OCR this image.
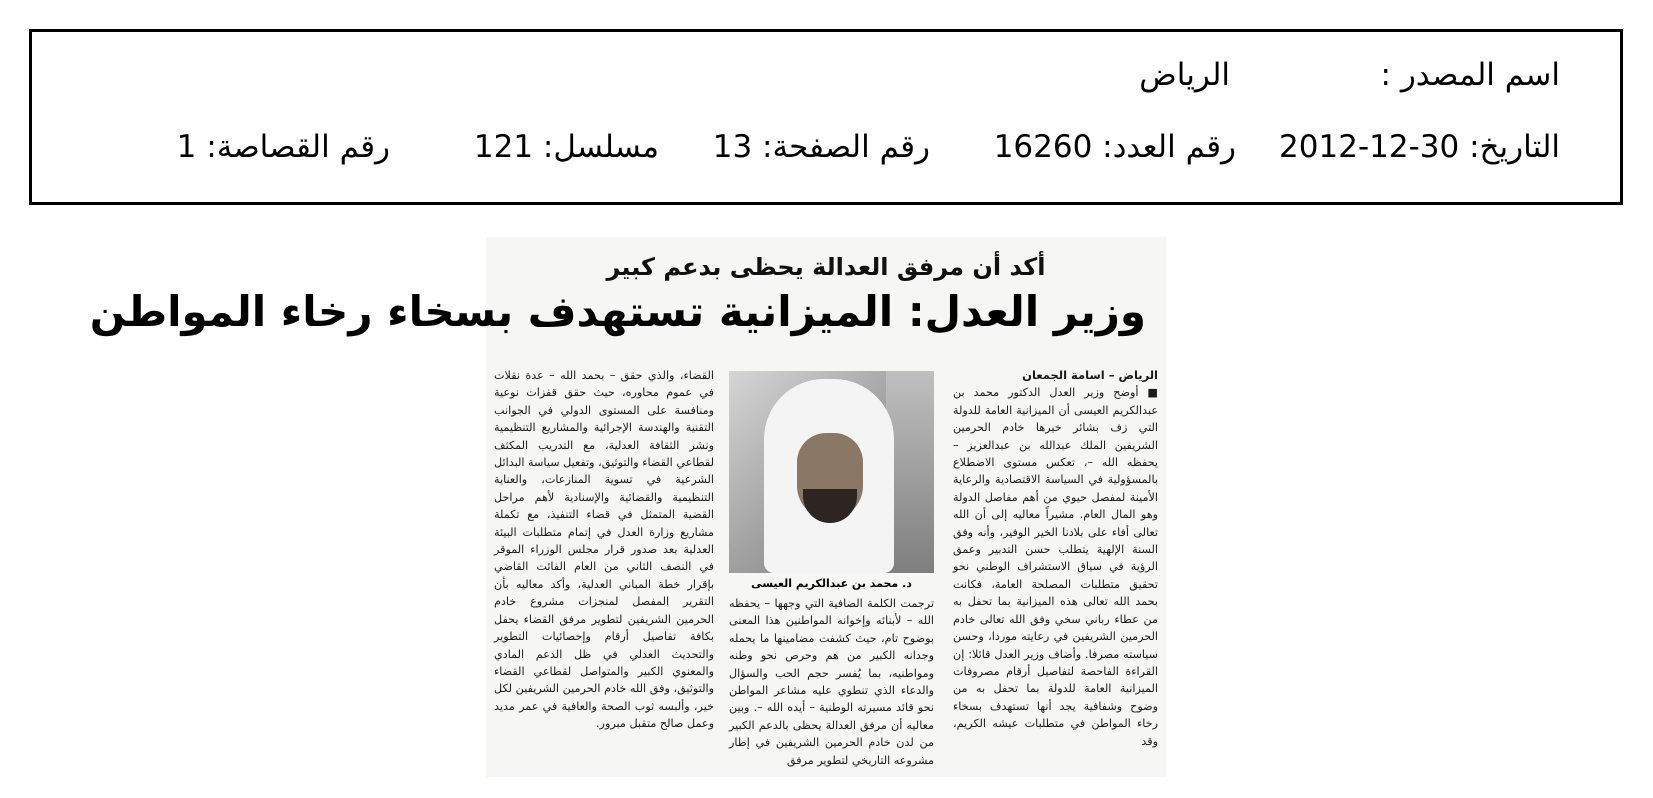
اسم المصدر :
الرياض
التاريخ: 30-12-2012
رقم العدد: 16260
رقم الصفحة: 13
مسلسل: 121
رقم القصاصة: 1
أكد أن مرفق العدالة يحظى بدعم كبير
وزير العدل: الميزانية تستهدف بسخاء رخاء المواطن
الرياض – اسامة الجمعان
■ أوضح وزير العدل الدكتور محمد بن عبدالكريم العيسى أن الميزانية العامة للدولة التي زف بشائر خيرها خادم الحرمين الشريفين الملك عبدالله بن عبدالعزيز – يحفظه الله –، تعكس مستوى الاضطلاع بالمسؤولية في السياسة الاقتصادية والرعاية الأمينة لمفصل حيوي من أهم مفاصل الدولة وهو المال العام. مشيراً معاليه إلى أن الله تعالى أفاء على بلادنا الخير الوفير، وأنه وفق السنة الإلهية يتطلب حسن التدبير وعمق الرؤية في سياق الاستشراف الوطني نحو تحقيق متطلبات المصلحة العامة، فكانت بحمد الله تعالى هذه الميزانية بما تحفل به من عطاء رباني سخي وفق الله تعالى خادم الحرمين الشريفين في رعايته موردا، وحسن سياسته مصرفا. وأضاف وزير العدل قائلا: إن القراءة الفاحصة لتفاصيل أرقام مصروفات الميزانية العامة للدولة بما تحفل به من وضوح وشفافية يجد أنها تستهدف بسخاء رخاء المواطن في متطلبات عيشه الكريم، وقد
د. محمد بن عبدالكريم العيسى
ترجمت الكلمة الضافية التي وجهها – يحفظه الله – لأبنائه وإخوانه المواطنين هذا المعنى بوضوح تام، حيث كشفت مضامينها ما يحمله وجدانه الكبير من هم وحرص نحو وطنه ومواطنيه، بما يُفسر حجم الحب والسؤال والدعاء الذي تنطوي عليه مشاعر المواطن نحو قائد مسيرته الوطنية – أيده الله –. وبين معاليه أن مرفق العدالة يحظى بالدعم الكبير من لدن خادم الحرمين الشريفين في إطار مشروعه التاريخي لتطوير مرفق
القضاء، والذي حقق – بحمد الله – عدة نقلات في عموم محاوره، حيث حقق قفزات نوعية ومنافسة على المستوى الدولي في الجوانب التقنية والهندسة الإجرائية والمشاريع التنظيمية ونشر الثقافة العدلية، مع التدريب المكثف لقطاعي القضاء والتوثيق، وتفعيل سياسة البدائل الشرعية في تسوية المنازعات، والعناية التنظيمية والقضائية والإسنادية لأهم مراحل القضية المتمثل في قضاء التنفيذ، مع تكملة مشاريع وزارة العدل في إتمام متطلبات البيئة العدلية بعد صدور قرار مجلس الوزراء الموقر في النصف الثاني من العام الفائت القاضي بإقرار خطة المباني العدلية، وأكد معاليه بأن التقرير المفصل لمنجزات مشروع خادم الحرمين الشريفين لتطوير مرفق القضاء يحفل بكافة تفاصيل أرقام وإحصائيات التطوير والتحديث العدلي في ظل الدعم المادي والمعنوي الكبير والمتواصل لقطاعي القضاء والتوثيق، وفق الله خادم الحرمين الشريفين لكل خير، وألبسه ثوب الصحة والعافية في عمر مديد وعمل صالح متقبل مبرور.
